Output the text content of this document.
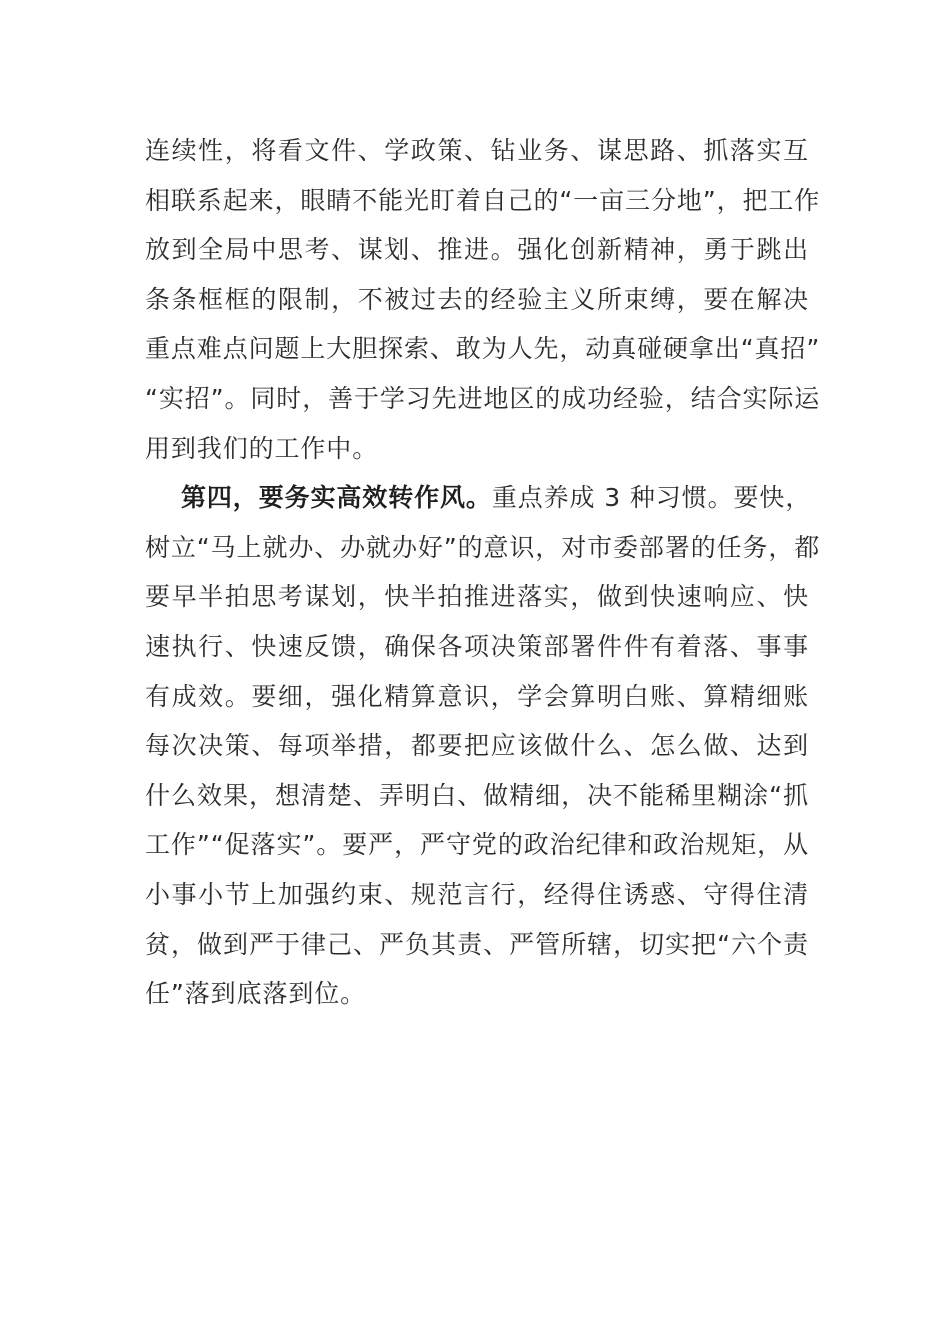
连续性，将看文件、学政策、钻业务、谋思路、抓落实互
相联系起来，眼睛不能光盯着自己的“一亩三分地”，把工作
放到全局中思考、谋划、推进。强化创新精神，勇于跳出
条条框框的限制，不被过去的经验主义所束缚，要在解决
重点难点问题上大胆探索、敢为人先，动真碰硬拿出“真招”
“实招”。同时，善于学习先进地区的成功经验，结合实际运
用到我们的工作中。
第四，要务实高效转作风。重点养成 3 种习惯。要快，
树立“马上就办、办就办好”的意识，对市委部署的任务，都
要早半拍思考谋划，快半拍推进落实，做到快速响应、快
速执行、快速反馈，确保各项决策部署件件有着落、事事
有成效。要细，强化精算意识，学会算明白账、算精细账
每次决策、每项举措，都要把应该做什么、怎么做、达到
什么效果，想清楚、弄明白、做精细，决不能稀里糊涂“抓
工作”“促落实”。要严，严守党的政治纪律和政治规矩，从
小事小节上加强约束、规范言行，经得住诱惑、守得住清
贫，做到严于律己、严负其责、严管所辖，切实把“六个责
任”落到底落到位。
